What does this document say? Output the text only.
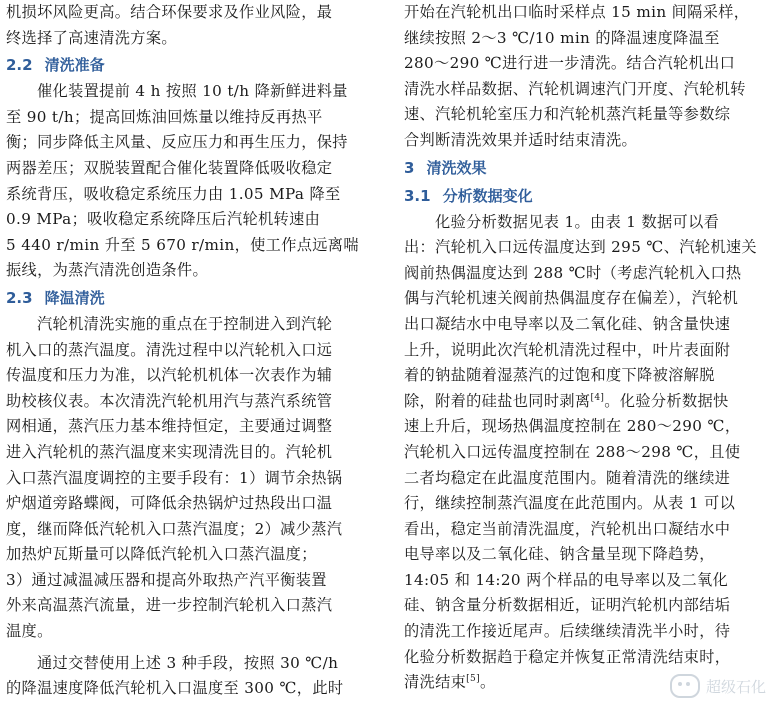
机损坏风险更高。结合环保要求及作业风险，最
终选择了高速清洗方案。
2.2 清洗准备
催化装置提前 4 h 按照 10 t/h 降新鲜进料量
至 90 t/h；提高回炼油回炼量以维持反再热平
衡；同步降低主风量、反应压力和再生压力，保持
两器差压；双脱装置配合催化装置降低吸收稳定
系统背压，吸收稳定系统压力由 1.05 MPa 降至
0.9 MPa；吸收稳定系统降压后汽轮机转速由
5 440 r/min 升至 5 670 r/min，使工作点远离喘
振线，为蒸汽清洗创造条件。
2.3 降温清洗
汽轮机清洗实施的重点在于控制进入到汽轮
机入口的蒸汽温度。清洗过程中以汽轮机入口远
传温度和压力为准，以汽轮机机体一次表作为辅
助校核仪表。本次清洗汽轮机用汽与蒸汽系统管
网相通，蒸汽压力基本维持恒定，主要通过调整
进入汽轮机的蒸汽温度来实现清洗目的。汽轮机
入口蒸汽温度调控的主要手段有：1）调节余热锅
炉烟道旁路蝶阀，可降低余热锅炉过热段出口温
度，继而降低汽轮机入口蒸汽温度；2）减少蒸汽
加热炉瓦斯量可以降低汽轮机入口蒸汽温度；
3）通过减温减压器和提高外取热产汽平衡装置
外来高温蒸汽流量，进一步控制汽轮机入口蒸汽
温度。
通过交替使用上述 3 种手段，按照 30 ℃/h
的降温速度降低汽轮机入口温度至 300 ℃，此时
开始在汽轮机出口临时采样点 15 min 间隔采样，
继续按照 2～3 ℃/10 min 的降温速度降温至
280～290 ℃进行进一步清洗。结合汽轮机出口
清洗水样品数据、汽轮机调速汽门开度、汽轮机转
速、汽轮机轮室压力和汽轮机蒸汽耗量等参数综
合判断清洗效果并适时结束清洗。
3 清洗效果
3.1 分析数据变化
化验分析数据见表 1。由表 1 数据可以看
出：汽轮机入口远传温度达到 295 ℃、汽轮机速关
阀前热偶温度达到 288 ℃时（考虑汽轮机入口热
偶与汽轮机速关阀前热偶温度存在偏差），汽轮机
出口凝结水中电导率以及二氧化硅、钠含量快速
上升，说明此次汽轮机清洗过程中，叶片表面附
着的钠盐随着湿蒸汽的过饱和度下降被溶解脱
除，附着的硅盐也同时剥离[4]。化验分析数据快
速上升后，现场热偶温度控制在 280～290 ℃，
汽轮机入口远传温度控制在 288～298 ℃，且使
二者均稳定在此温度范围内。随着清洗的继续进
行，继续控制蒸汽温度在此范围内。从表 1 可以
看出，稳定当前清洗温度，汽轮机出口凝结水中
电导率以及二氧化硅、钠含量呈现下降趋势，
14:05 和 14:20 两个样品的电导率以及二氧化
硅、钠含量分析数据相近，证明汽轮机内部结垢
的清洗工作接近尾声。后续继续清洗半小时，待
化验分析数据趋于稳定并恢复正常清洗结束时，
清洗结束[5]。	超级石化
